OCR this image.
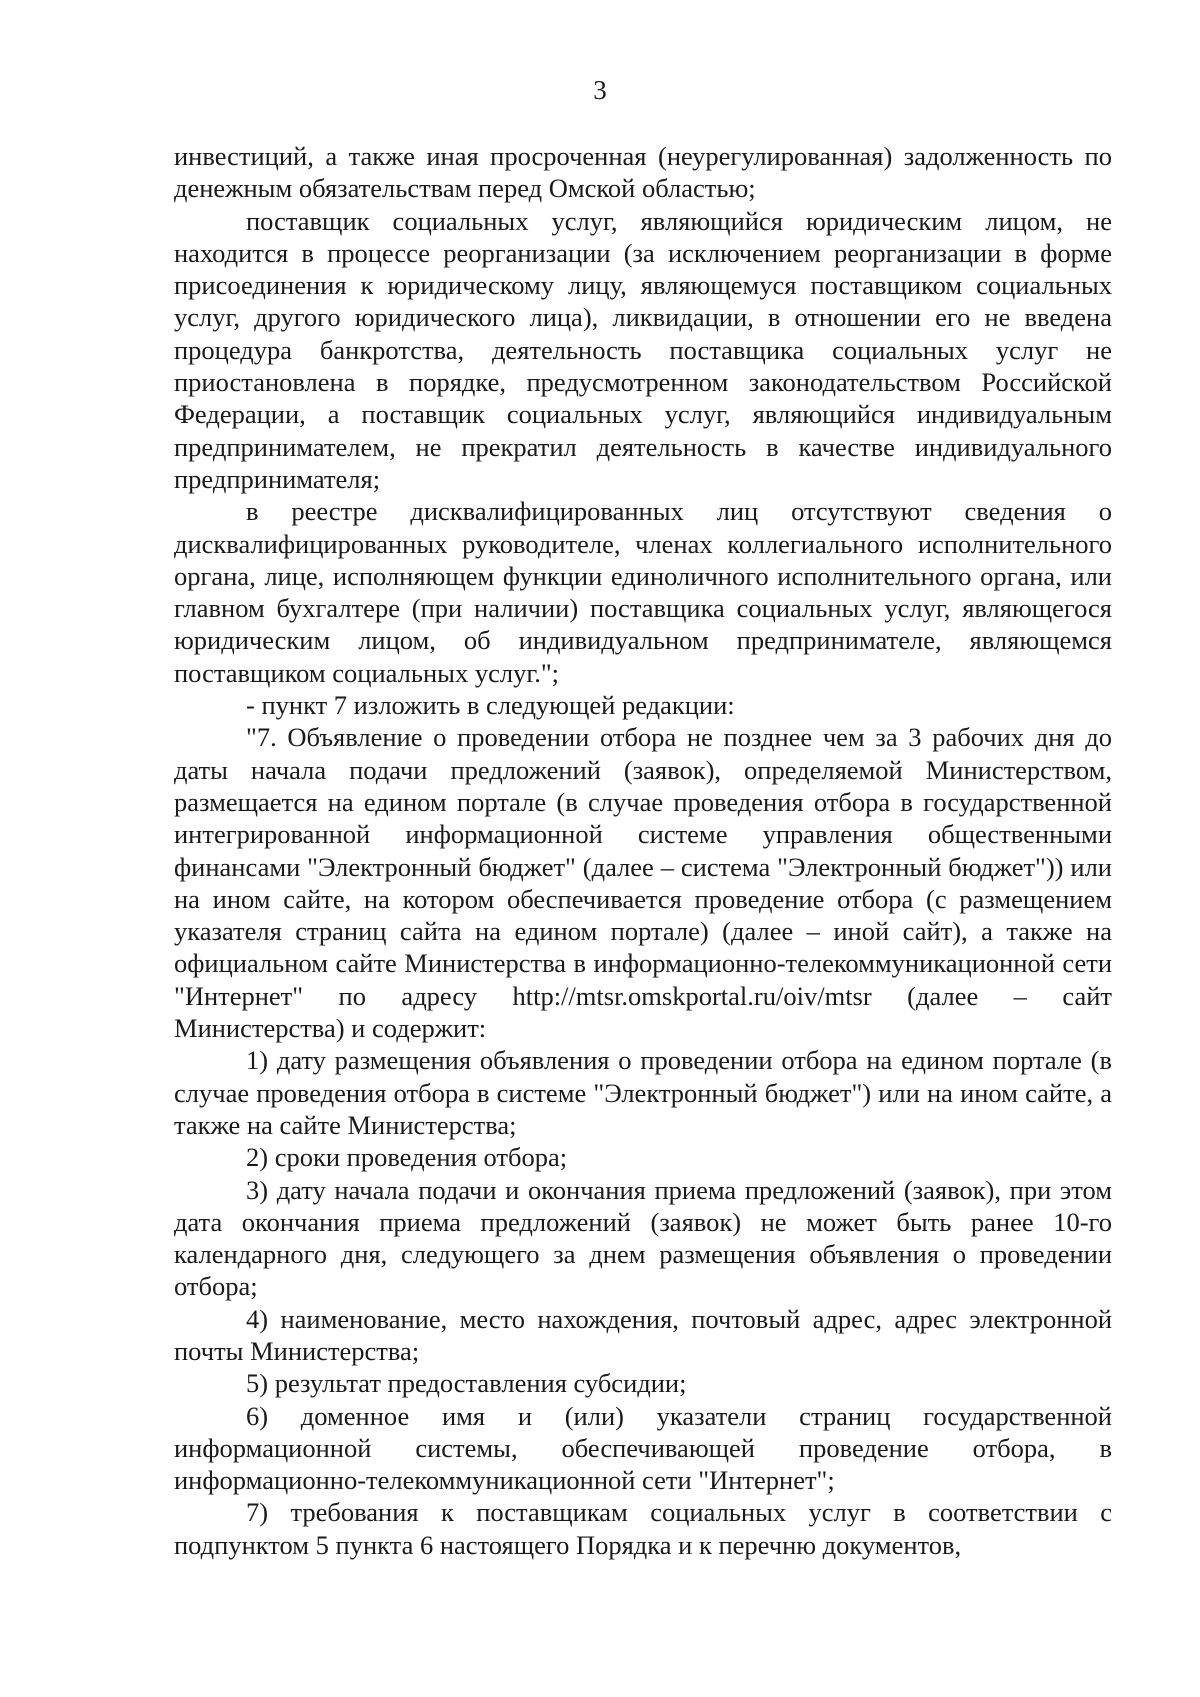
3

инвестиций, а также иная просроченная (неурегулированная) задолженность по денежным обязательствам перед Омской областью;

поставщик социальных услуг, являющийся юридическим лицом, не находится в процессе реорганизации (за исключением реорганизации в форме присоединения к юридическому лицу, являющемуся поставщиком социальных услуг, другого юридического лица), ликвидации, в отношении его не введена процедура банкротства, деятельность поставщика социальных услуг не приостановлена в порядке, предусмотренном законодательством Российской Федерации, а поставщик социальных услуг, являющийся индивидуальным предпринимателем, не прекратил деятельность в качестве индивидуального предпринимателя;

в реестре дисквалифицированных лиц отсутствуют сведения о дисквалифицированных руководителе, членах коллегиального исполнительного органа, лице, исполняющем функции единоличного исполнительного органа, или главном бухгалтере (при наличии) поставщика социальных услуг, являющегося юридическим лицом, об индивидуальном предпринимателе, являющемся поставщиком социальных услуг.";

- пункт 7 изложить в следующей редакции:

"7. Объявление о проведении отбора не позднее чем за 3 рабочих дня до даты начала подачи предложений (заявок), определяемой Министерством, размещается на едином портале (в случае проведения отбора в государственной интегрированной информационной системе управления общественными финансами "Электронный бюджет" (далее – система "Электронный бюджет")) или на ином сайте, на котором обеспечивается проведение отбора (с размещением указателя страниц сайта на едином портале) (далее – иной сайт), а также на официальном сайте Министерства в информационно-телекоммуникационной сети "Интернет" по адресу http://mtsr.omskportal.ru/oiv/mtsr (далее – сайт Министерства) и содержит:

1) дату размещения объявления о проведении отбора на едином портале (в случае проведения отбора в системе "Электронный бюджет") или на ином сайте, а также на сайте Министерства;

2) сроки проведения отбора;

3) дату начала подачи и окончания приема предложений (заявок), при этом дата окончания приема предложений (заявок) не может быть ранее 10-го календарного дня, следующего за днем размещения объявления о проведении отбора;

4) наименование, место нахождения, почтовый адрес, адрес электронной почты Министерства;

5) результат предоставления субсидии;

6) доменное имя и (или) указатели страниц государственной информационной системы, обеспечивающей проведение отбора, в информационно-телекоммуникационной сети "Интернет";

7) требования к поставщикам социальных услуг в соответствии с подпунктом 5 пункта 6 настоящего Порядка и к перечню документов,
